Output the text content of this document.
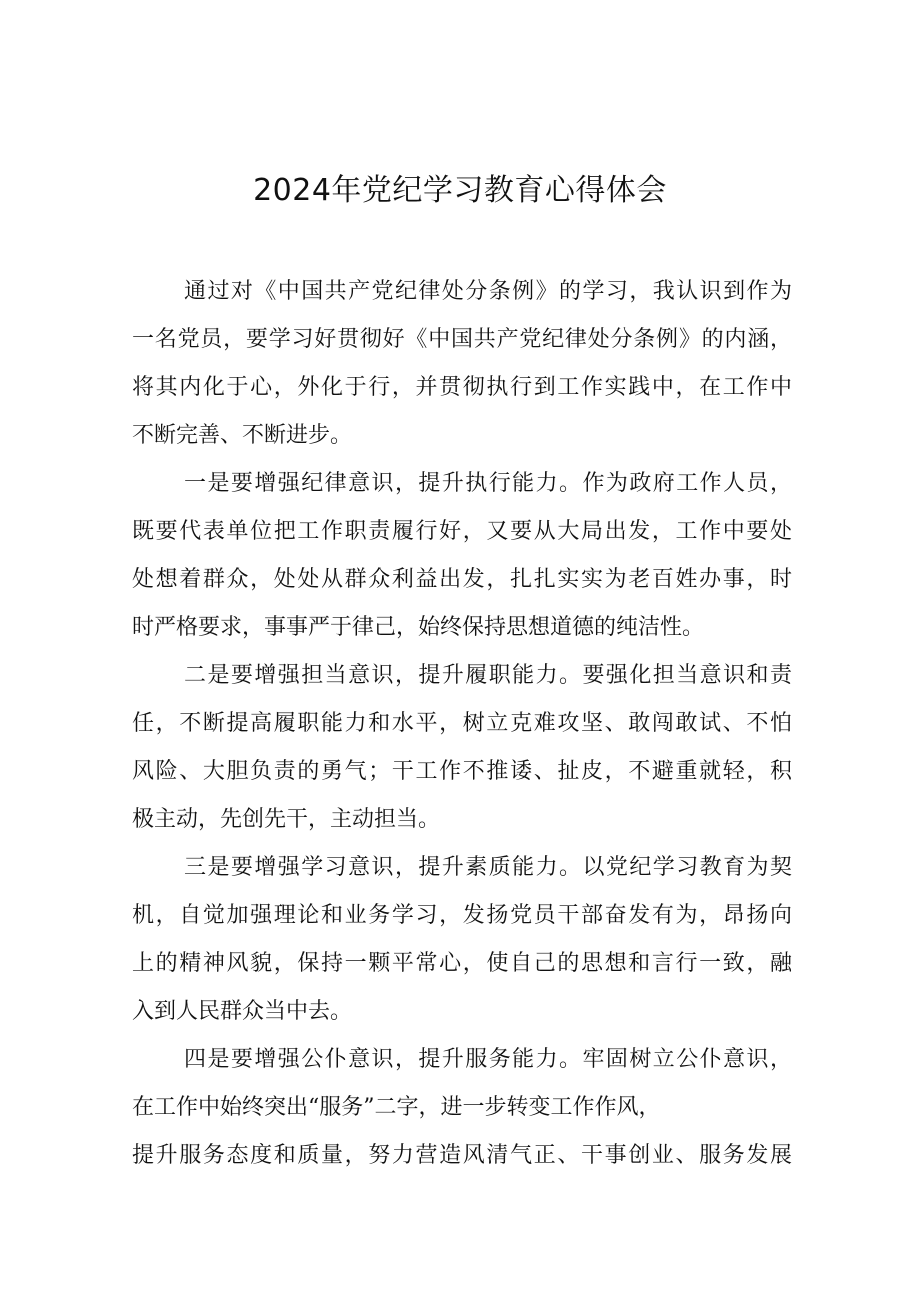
2024年党纪学习教育心得体会

通过对《中国共产党纪律处分条例》的学习，我认识到作为
一名党员，要学习好贯彻好《中国共产党纪律处分条例》的内涵，
将其内化于心，外化于行，并贯彻执行到工作实践中，在工作中
不断完善、不断进步。

一是要增强纪律意识，提升执行能力。作为政府工作人员，
既要代表单位把工作职责履行好，又要从大局出发，工作中要处
处想着群众，处处从群众利益出发，扎扎实实为老百姓办事，时
时严格要求，事事严于律己，始终保持思想道德的纯洁性。

二是要增强担当意识，提升履职能力。要强化担当意识和责
任，不断提高履职能力和水平，树立克难攻坚、敢闯敢试、不怕
风险、大胆负责的勇气；干工作不推诿、扯皮，不避重就轻，积
极主动，先创先干，主动担当。

三是要增强学习意识，提升素质能力。以党纪学习教育为契
机，自觉加强理论和业务学习，发扬党员干部奋发有为，昂扬向
上的精神风貌，保持一颗平常心，使自己的思想和言行一致，融
入到人民群众当中去。

四是要增强公仆意识，提升服务能力。牢固树立公仆意识，
在工作中始终突出“服务”二字，进一步转变工作作风，
提升服务态度和质量，努力营造风清气正、干事创业、服务发展
